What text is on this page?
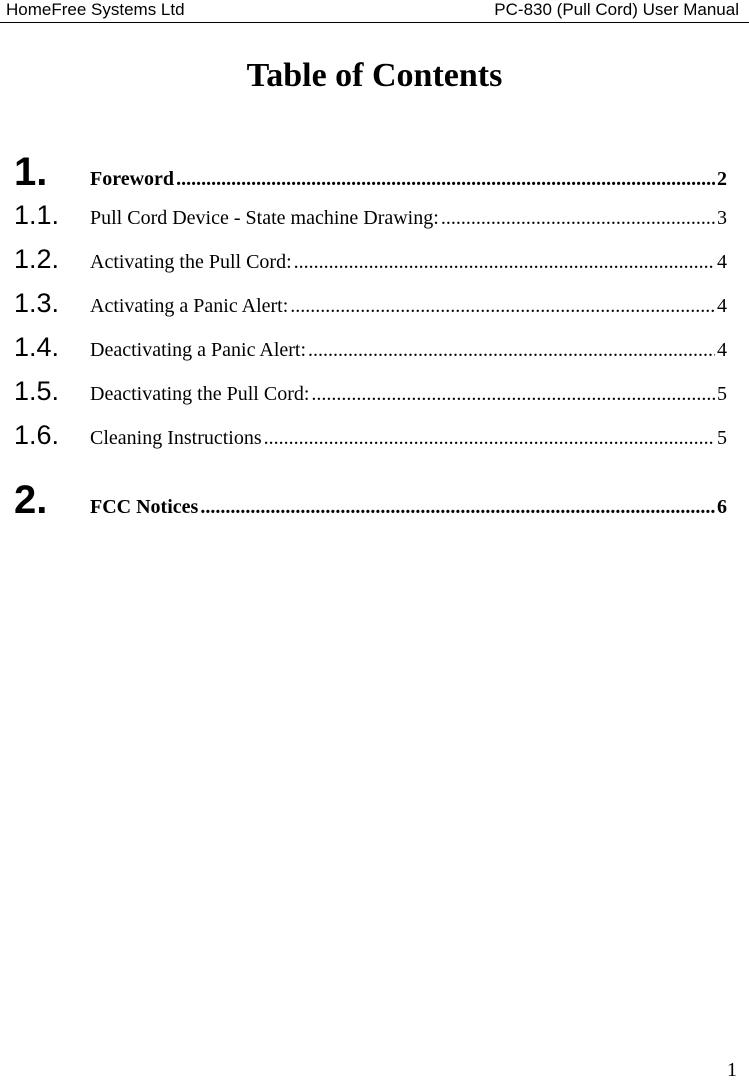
HomeFree Systems Ltd	PC-830 (Pull Cord) User Manual
Table of Contents
1.	Foreword .....	2
1.1.	Pull Cord Device - State machine Drawing: .....	3
1.2.	Activating the Pull Cord: .....	4
1.3.	Activating a Panic Alert: .....	4
1.4.	Deactivating a Panic Alert: .....	4
1.5.	Deactivating the Pull Cord: .....	5
1.6.	Cleaning Instructions .....	5
2.	FCC Notices .....	6
1
